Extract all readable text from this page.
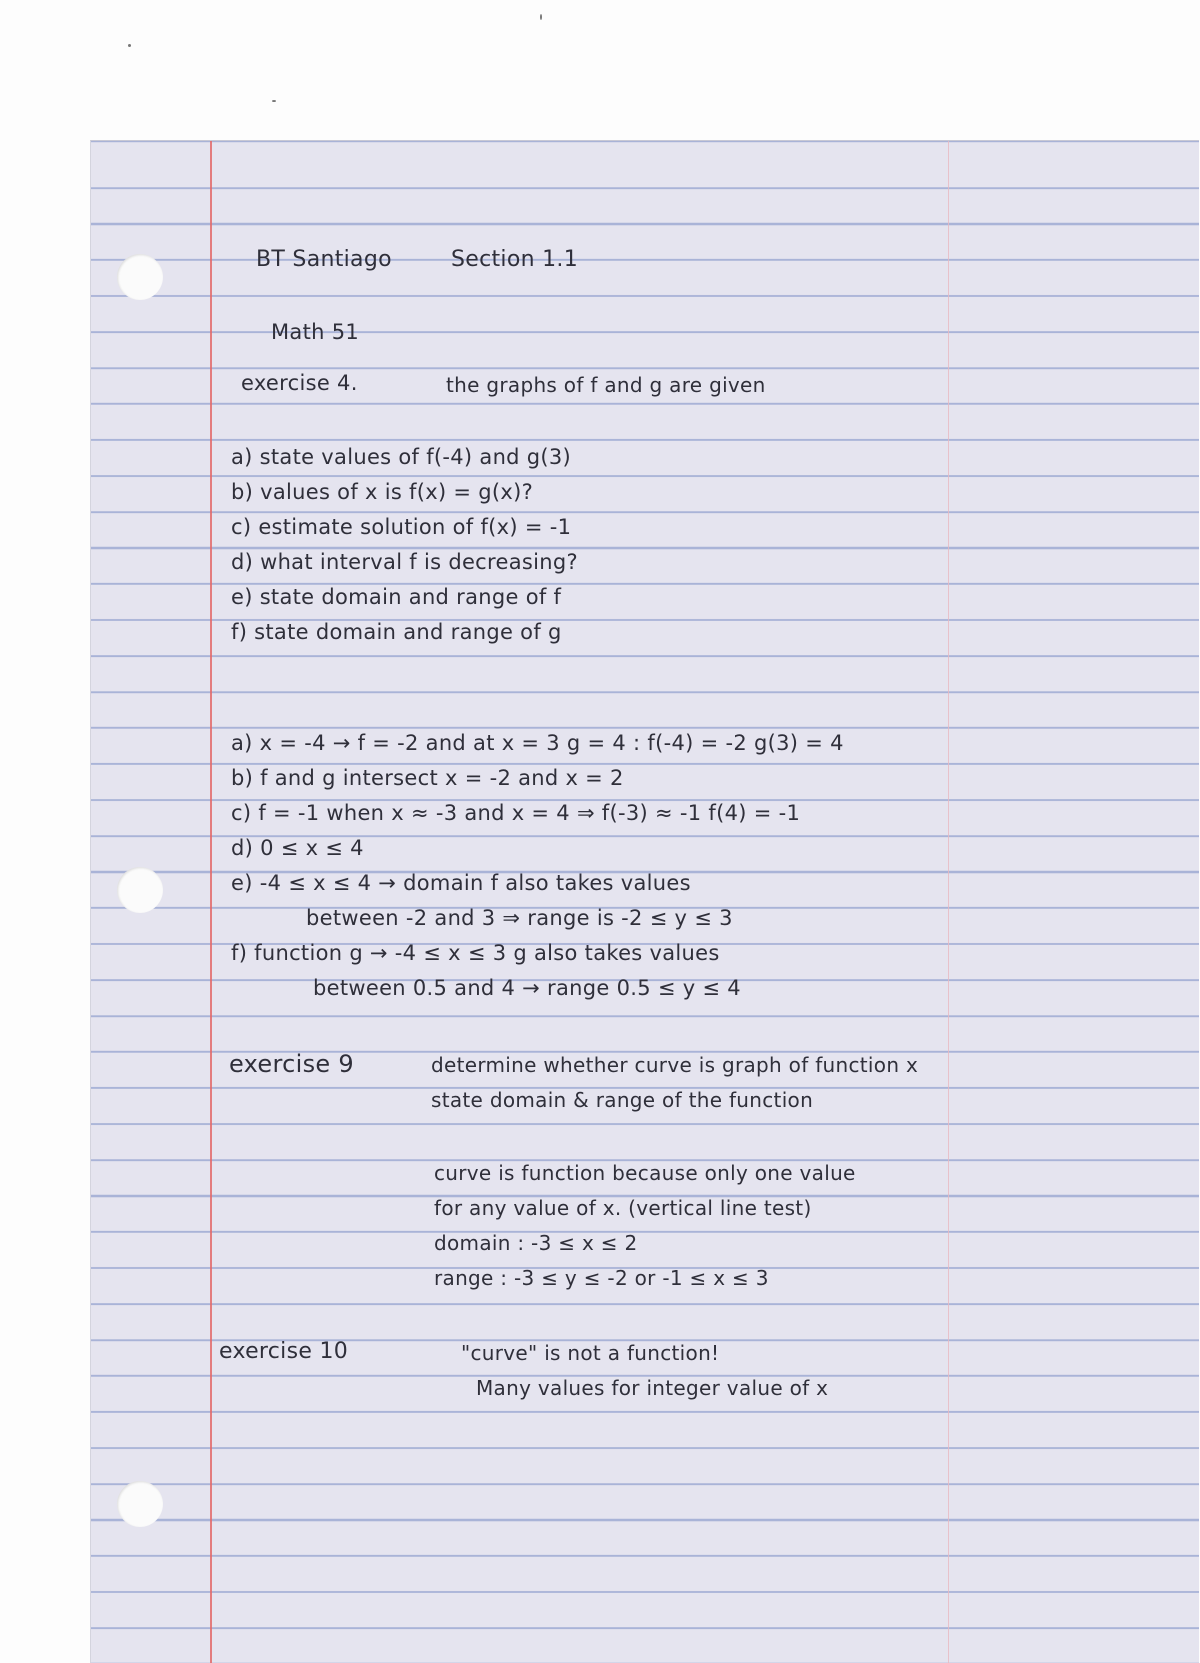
BT Santiago	Section 1.1

Math 51

exercise 4.	the graphs of f and g are given

a) state values of f(-4) and g(3)

b) values of x is f(x) = g(x)?

c) estimate solution of f(x) = -1

d) what interval f is decreasing?

e) state domain and range of f

f) state domain and range of g

a) x = -4 → f = -2 and at x = 3 g = 4 : f(-4) = -2 g(3) = 4

b) f and g intersect x = -2 and x = 2

c) f = -1 when x ≈ -3 and x = 4 ⇒ f(-3) ≈ -1 f(4) = -1

d) 0 ≤ x ≤ 4

e) -4 ≤ x ≤ 4 → domain f also takes values

between -2 and 3 ⇒ range is -2 ≤ y ≤ 3

f) function g → -4 ≤ x ≤ 3 g also takes values

between 0.5 and 4 → range 0.5 ≤ y ≤ 4

exercise 9	determine whether curve is graph of function x

state domain & range of the function

curve is function because only one value

for any value of x. (vertical line test)

domain : -3 ≤ x ≤ 2

range : -3 ≤ y ≤ -2 or -1 ≤ x ≤ 3

exercise 10	"curve" is not a function!

Many values for integer value of x
